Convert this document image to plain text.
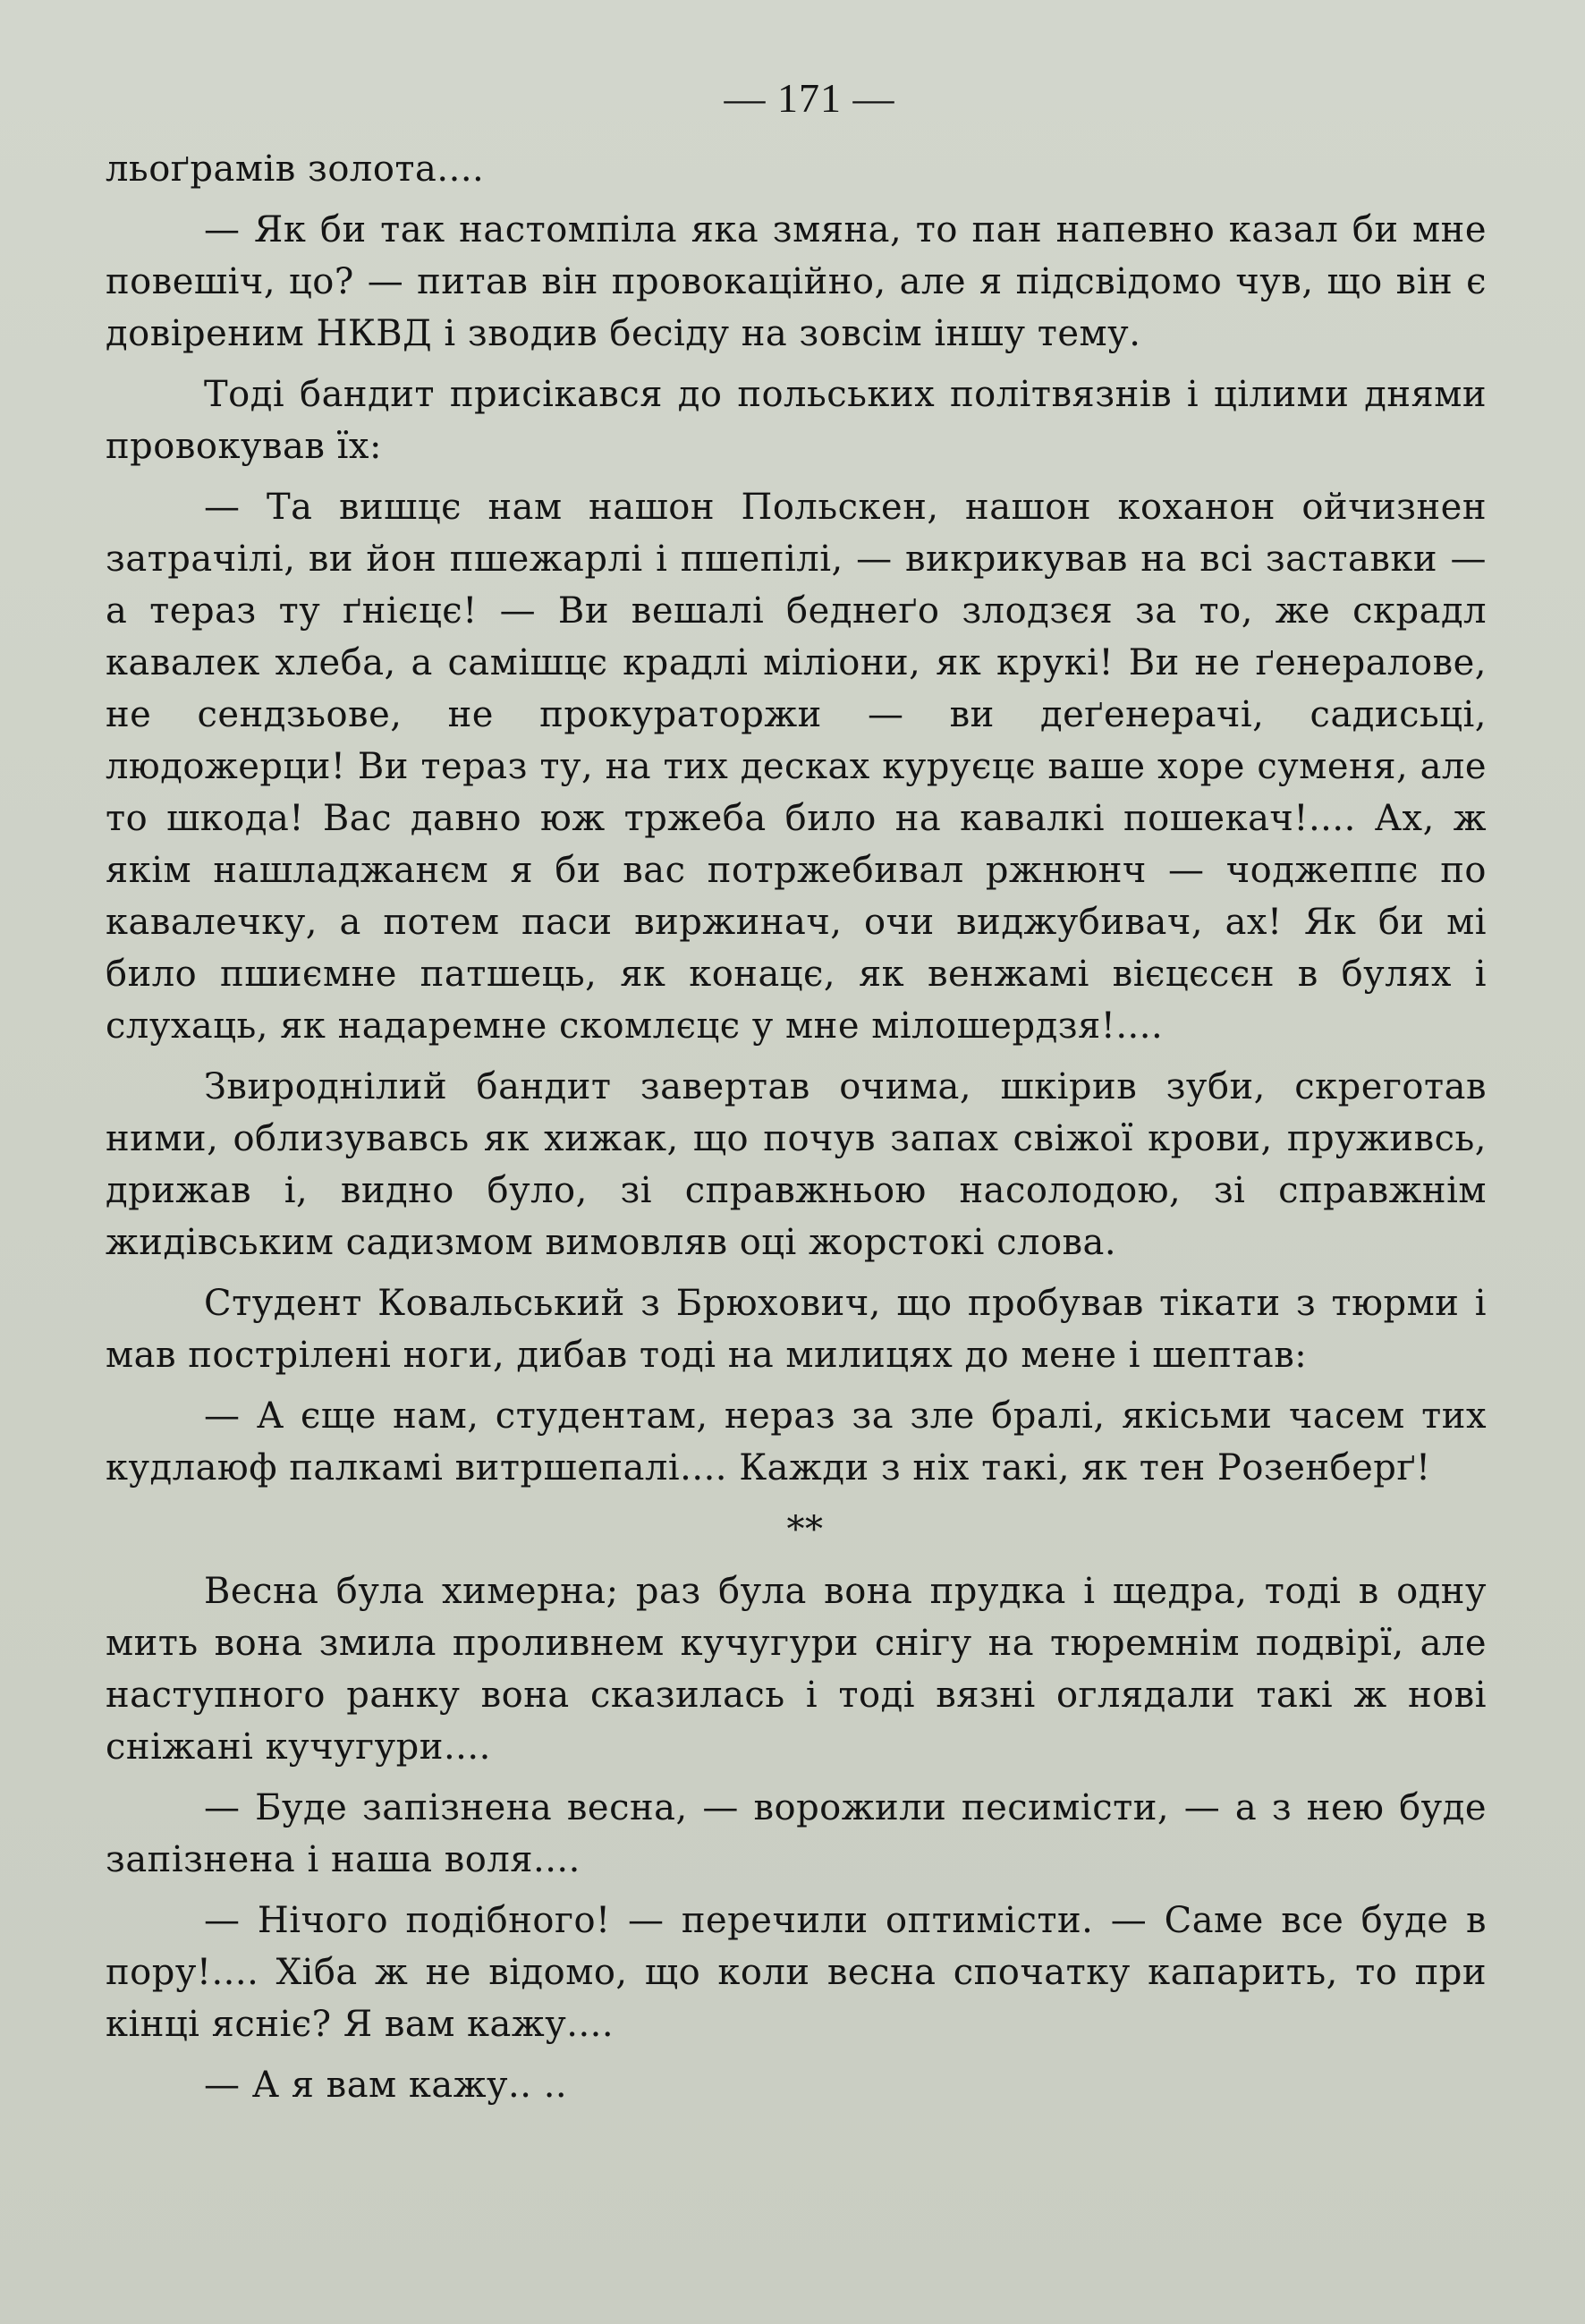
— 171 —

льоґрамів золота....

— Як би так настомпіла яка змяна, то пан напевно казал би мне повешіч, цо? — питав він провокаційно, але я підсвідомо чув, що він є довіреним НКВД і зводив бесіду на зовсім іншу тему.

Тоді бандит присікався до польських політвязнів і цілими днями провокував їх:

— Та вишцє нам нашон Польскен, нашон коханон ойчизнен затрачілі, ви йон пшежарлі і пшепілі, — викрикував на всі заставки — а тераз ту ґнієцє! — Ви вешалі беднеґо злодзєя за то, же скрадл кавалек хлеба, а самішцє крадлі міліони, як крукі! Ви не ґенералове, не сендзьове, не прокураторжи — ви деґенерачі, садисьці, людожерци! Ви тераз ту, на тих десках куруєцє ваше хоре суменя, але то шкода! Вас давно юж тржеба било на кавалкі пошекач!.... Ах, ж якім нашладжанєм я би вас потржебивал ржнюнч — чоджеппє по кавалечку, а потем паси виржинач, очи виджубивач, ах! Як би мі било пшиємне патшець, як конацє, як венжамі вієцєсєн в булях і слухаць, як надаремне скомлєцє у мне мілошердзя!....

Звироднілий бандит завертав очима, шкірив зуби, скреготав ними, облизувавсь як хижак, що почув запах свіжої крови, пруживсь, дрижав і, видно було, зі справжньою насолодою, зі справжнім жидівським садизмом вимовляв оці жорстокі слова.

Студент Ковальський з Брюхович, що пробував тікати з тюрми і мав пострілені ноги, дибав тоді на милицях до мене і шептав:

— А єще нам, студентам, нераз за зле бралі, якісьми часем тих кудлаюф палкамі витршепалі.... Кажди з ніх такі, як тен Розенберґ!

**

Весна була химерна; раз була вона прудка і щедра, тоді в одну мить вона змила проливнем кучугури снігу на тюремнім подвірї, але наступного ранку вона сказилась і тоді вязні оглядали такі ж нові сніжані кучугури....

— Буде запізнена весна, — ворожили песимісти, — а з нею буде запізнена і наша воля....

— Нічого подібного! — перечили оптимісти. — Саме все буде в пору!.... Хіба ж не відомо, що коли весна спочатку капарить, то при кінці яснiє? Я вам кажу....

— А я вам кажу.. ..
